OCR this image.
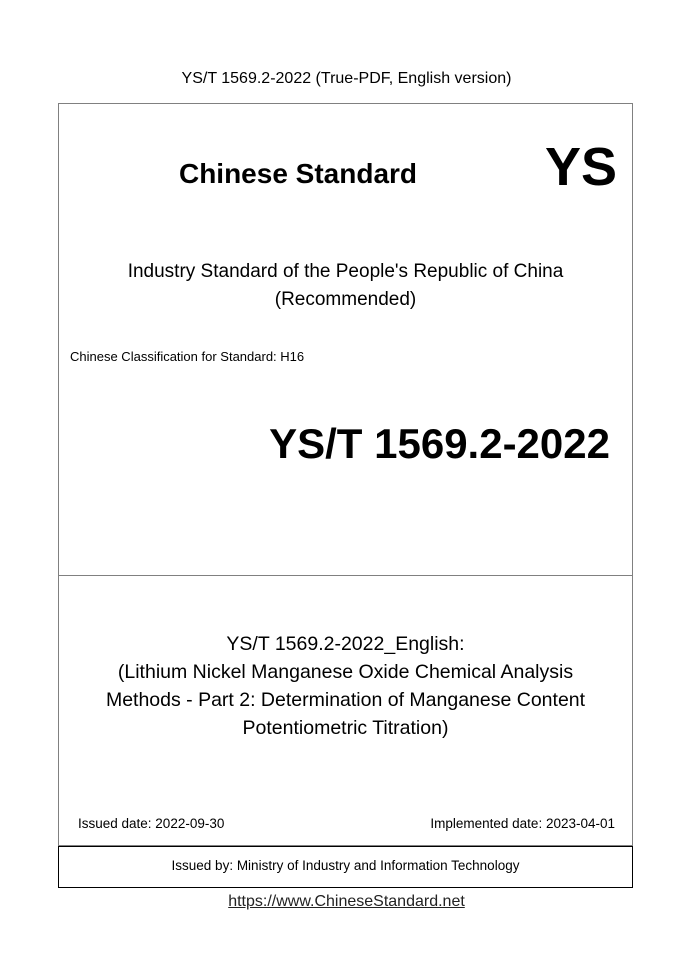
YS/T 1569.2-2022 (True-PDF, English version)
Chinese Standard	YS
Industry Standard of the People's Republic of China
(Recommended)
Chinese Classification for Standard: H16
YS/T 1569.2-2022
YS/T 1569.2-2022_English:
(Lithium Nickel Manganese Oxide Chemical Analysis
Methods - Part 2: Determination of Manganese Content
Potentiometric Titration)
Issued date: 2022-09-30	Implemented date: 2023-04-01
Issued by: Ministry of Industry and Information Technology
https://www.ChineseStandard.net
